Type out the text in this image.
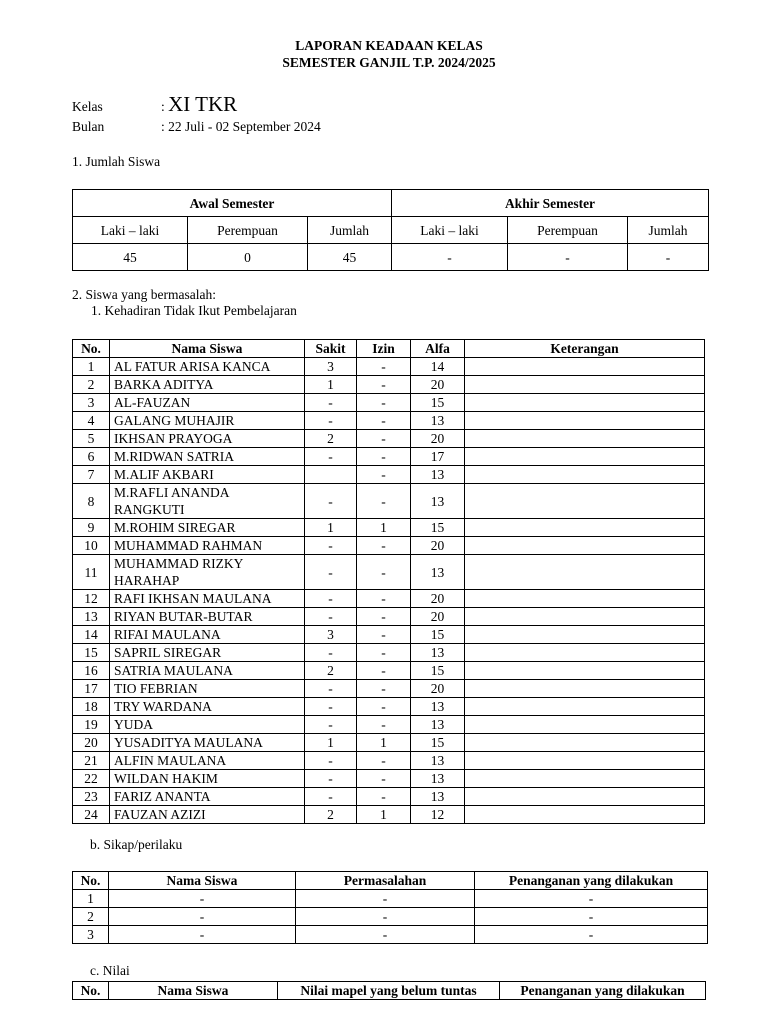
LAPORAN KEADAAN KELAS
SEMESTER GANJIL T.P. 2024/2025
Kelas	: XI TKR
Bulan	: 22 Juli - 02 September 2024
1. Jumlah Siswa
Awal Semester			Akhir Semester		
Laki – laki	Perempuan	Jumlah	Laki – laki	Perempuan	Jumlah
45	0	45	-	-	-
2. Siswa yang bermasalah:
1. Kehadiran Tidak Ikut Pembelajaran
No.	Nama Siswa	Sakit	Izin	Alfa	Keterangan
1	AL FATUR ARISA KANCA	3	-	14	
2	BARKA ADITYA	1	-	20	
3	AL-FAUZAN	-	-	15	
4	GALANG MUHAJIR	-	-	13	
5	IKHSAN PRAYOGA	2	-	20	
6	M.RIDWAN SATRIA	-	-	17	
7	M.ALIF AKBARI		-	13	
8	M.RAFLI ANANDA RANGKUTI	-	-	13	
9	M.ROHIM SIREGAR	1	1	15	
10	MUHAMMAD RAHMAN	-	-	20	
11	MUHAMMAD RIZKY HARAHAP	-	-	13	
12	RAFI IKHSAN MAULANA	-	-	20	
13	RIYAN BUTAR-BUTAR	-	-	20	
14	RIFAI MAULANA	3	-	15	
15	SAPRIL SIREGAR	-	-	13	
16	SATRIA MAULANA	2	-	15	
17	TIO FEBRIAN	-	-	20	
18	TRY WARDANA	-	-	13	
19	YUDA	-	-	13	
20	YUSADITYA MAULANA	1	1	15	
21	ALFIN MAULANA	-	-	13	
22	WILDAN HAKIM	-	-	13	
23	FARIZ ANANTA	-	-	13	
24	FAUZAN AZIZI	2	1	12	
b. Sikap/perilaku
No.	Nama Siswa	Permasalahan	Penanganan yang dilakukan
1	-	-	-
2	-	-	-
3	-	-	-
c. Nilai
No.	Nama Siswa	Nilai mapel yang belum tuntas	Penanganan yang dilakukan
